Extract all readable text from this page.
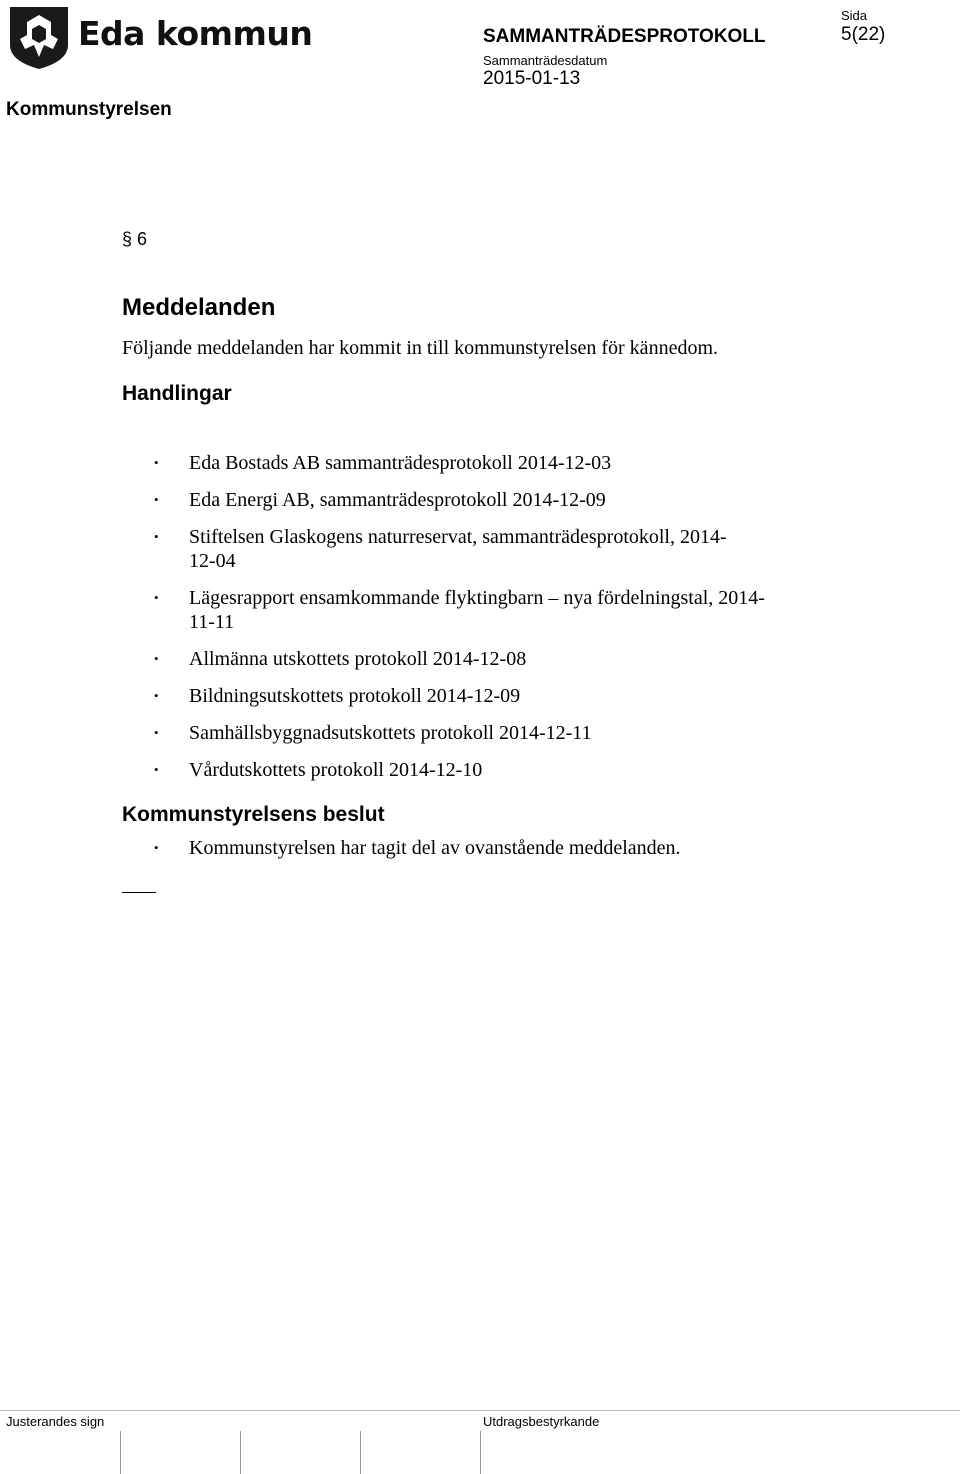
Eda kommun
Kommunstyrelsen
SAMMANTRÄDESPROTOKOLL
Sammanträdesdatum
2015-01-13
Sida
5(22)
§ 6
Meddelanden
Följande meddelanden har kommit in till kommunstyrelsen för kännedom.
Handlingar
• Eda Bostads AB sammanträdesprotokoll 2014-12-03
• Eda Energi AB, sammanträdesprotokoll 2014-12-09
• Stiftelsen Glaskogens naturreservat, sammanträdesprotokoll, 2014-12-04
• Lägesrapport ensamkommande flyktingbarn – nya fördelningstal, 2014-11-11
• Allmänna utskottets protokoll 2014-12-08
• Bildningsutskottets protokoll 2014-12-09
• Samhällsbyggnadsutskottets protokoll 2014-12-11
• Vårdutskottets protokoll 2014-12-10
Kommunstyrelsens beslut
• Kommunstyrelsen har tagit del av ovanstående meddelanden.
Justerandes sign	Utdragsbestyrkande
